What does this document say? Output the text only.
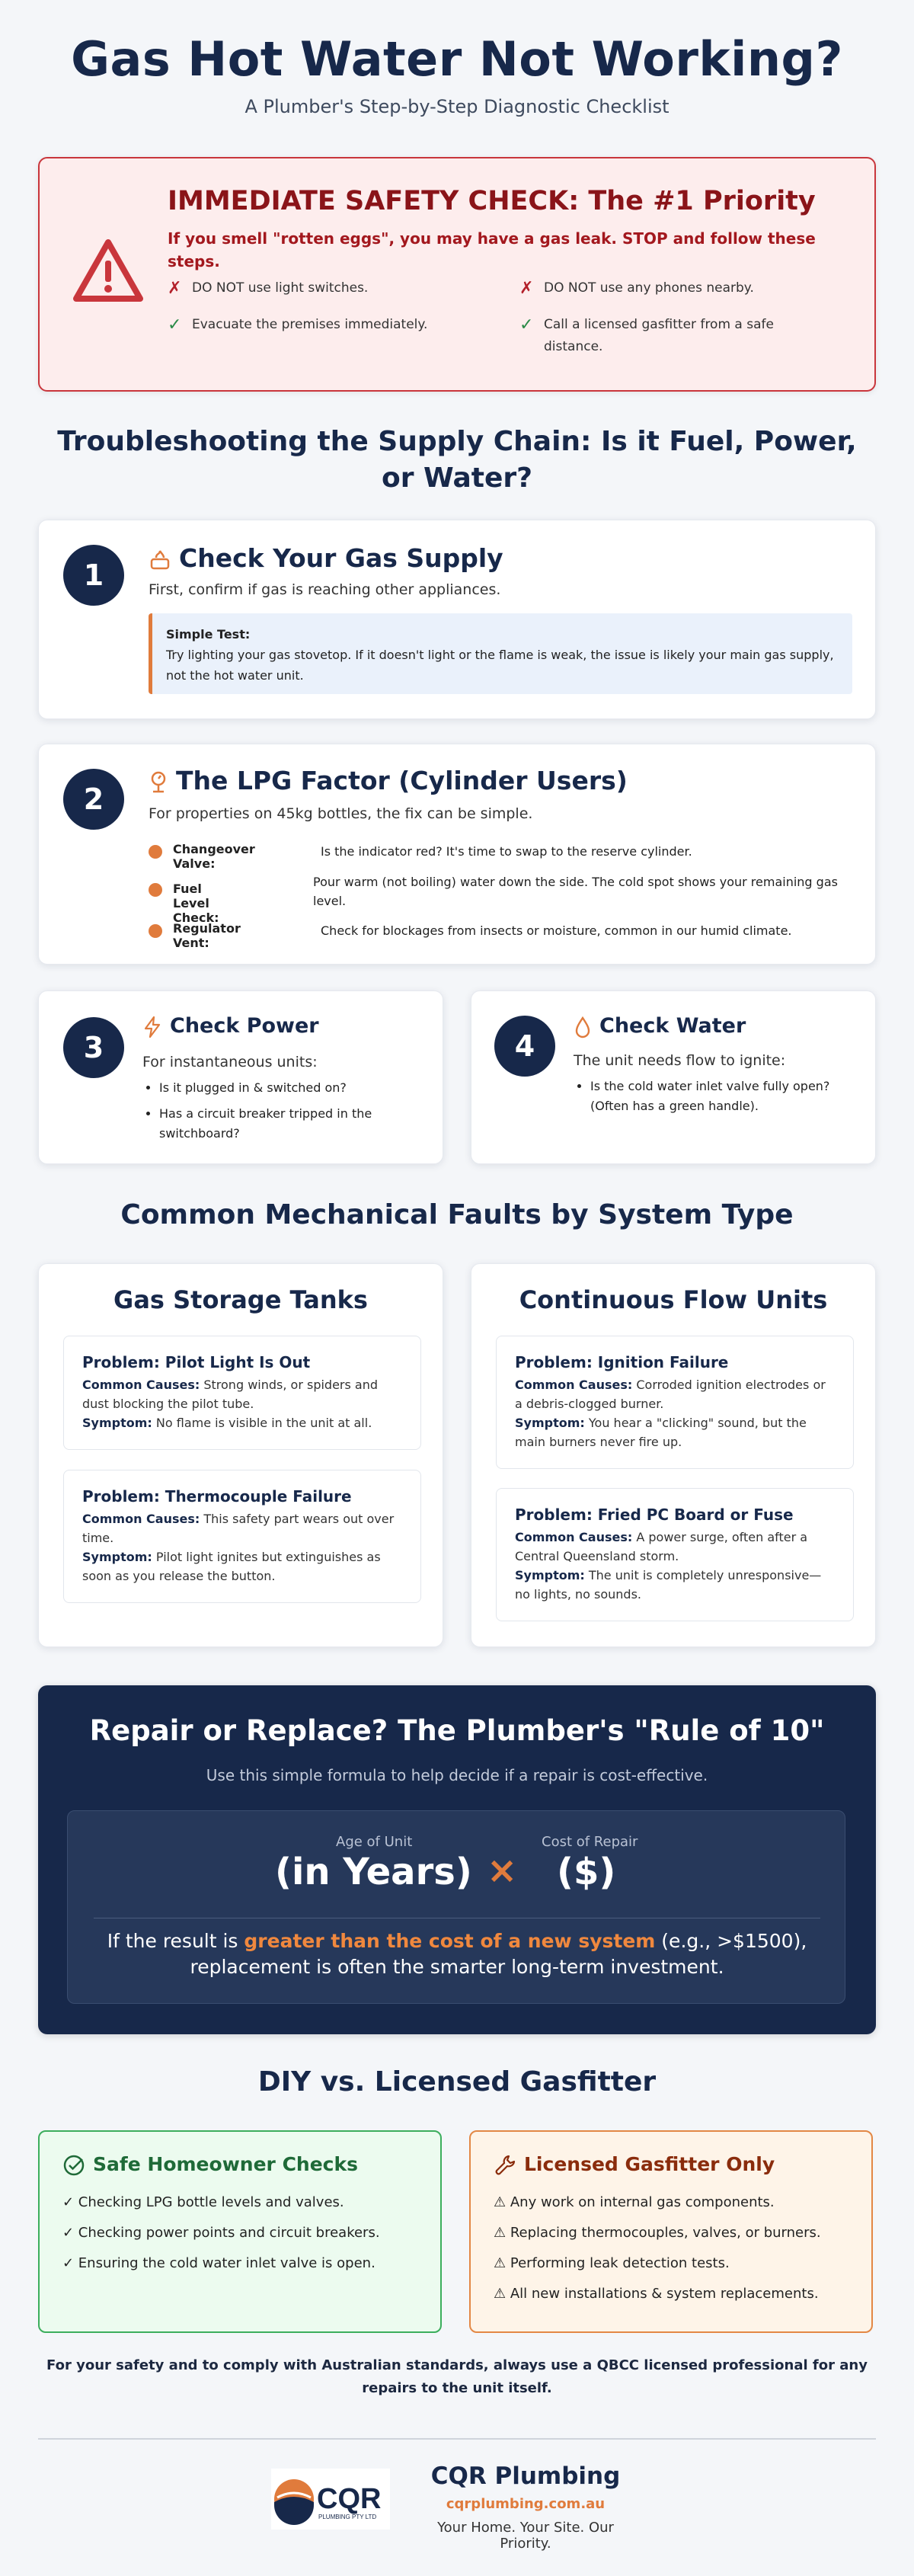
Gas Hot Water Not Working?
A Plumber's Step-by-Step Diagnostic Checklist
IMMEDIATE SAFETY CHECK: The #1 Priority
If you smell "rotten eggs", you may have a gas leak. STOP and follow these steps.
✗ DO NOT use light switches.	✗ DO NOT use any phones nearby.
✓ Evacuate the premises immediately.	✓ Call a licensed gasfitter from a safe distance.
Troubleshooting the Supply Chain: Is it Fuel, Power, or Water?
1
Check Your Gas Supply
First, confirm if gas is reaching other appliances.
Simple Test:
Try lighting your gas stovetop. If it doesn't light or the flame is weak, the issue is likely your main gas supply, not the hot water unit.
2
The LPG Factor (Cylinder Users)
For properties on 45kg bottles, the fix can be simple.
Changeover Valve:
Is the indicator red? It's time to swap to the reserve cylinder.
Fuel Level Check:
Pour warm (not boiling) water down the side. The cold spot shows your remaining gas level.
Regulator Vent:
Check for blockages from insects or moisture, common in our humid climate.
3
Check Power
For instantaneous units:
• Is it plugged in & switched on?
• Has a circuit breaker tripped in the switchboard?
4
Check Water
The unit needs flow to ignite:
• Is the cold water inlet valve fully open? (Often has a green handle).
Common Mechanical Faults by System Type
Gas Storage Tanks
Problem: Pilot Light Is Out
Common Causes: Strong winds, or spiders and dust blocking the pilot tube.
Symptom: No flame is visible in the unit at all.
Problem: Thermocouple Failure
Common Causes: This safety part wears out over time.
Symptom: Pilot light ignites but extinguishes as soon as you release the button.
Continuous Flow Units
Problem: Ignition Failure
Common Causes: Corroded ignition electrodes or a debris-clogged burner.
Symptom: You hear a "clicking" sound, but the main burners never fire up.
Problem: Fried PC Board or Fuse
Common Causes: A power surge, often after a Central Queensland storm.
Symptom: The unit is completely unresponsive—no lights, no sounds.
Repair or Replace? The Plumber's "Rule of 10"
Use this simple formula to help decide if a repair is cost-effective.
Age of Unit
(in Years) ×
Cost of Repair
($)
If the result is greater than the cost of a new system (e.g., >$1500), replacement is often the smarter long-term investment.
DIY vs. Licensed Gasfitter
Safe Homeowner Checks
✓ Checking LPG bottle levels and valves.
✓ Checking power points and circuit breakers.
✓ Ensuring the cold water inlet valve is open.
Licensed Gasfitter Only
⚠ Any work on internal gas components.
⚠ Replacing thermocouples, valves, or burners.
⚠ Performing leak detection tests.
⚠ All new installations & system replacements.
For your safety and to comply with Australian standards, always use a QBCC licensed professional for any repairs to the unit itself.
CQR
PLUMBING PTY LTD
CQR Plumbing
cqrplumbing.com.au
Your Home. Your Site. Our Priority.
